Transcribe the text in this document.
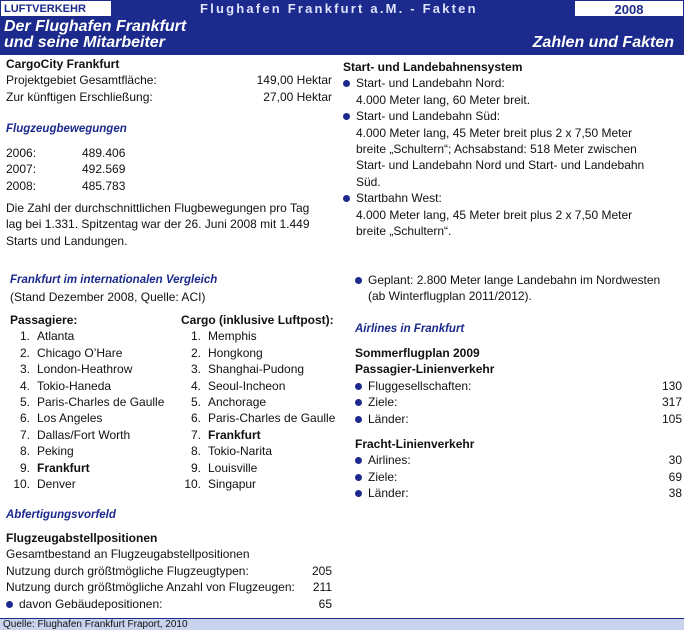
LUFTVERKEHR	Flughafen Frankfurt a.M. - Fakten	2008
Der Flughafen Frankfurt
und seine Mitarbeiter	Zahlen und Fakten
CargoCity Frankfurt
Projektgebiet Gesamtfläche:	149,00 Hektar
Zur künftigen Erschließung:	27,00 Hektar
Flugzeugbewegungen
2006:	489.406
2007:	492.569
2008:	485.783
Die Zahl der durchschnittlichen Flugbewegungen pro Tag lag bei 1.331. Spitzentag war der 26. Juni 2008 mit 1.449 Starts und Landungen.
Frankfurt im internationalen Vergleich
(Stand Dezember 2008, Quelle: ACI)
Passagiere:
1. Atlanta
2. Chicago O’Hare
3. London-Heathrow
4. Tokio-Haneda
5. Paris-Charles de Gaulle
6. Los Angeles
7. Dallas/Fort Worth
8. Peking
9. Frankfurt
10. Denver
Cargo (inklusive Luftpost):
1. Memphis
2. Hongkong
3. Shanghai-Pudong
4. Seoul-Incheon
5. Anchorage
6. Paris-Charles de Gaulle
7. Frankfurt
8. Tokio-Narita
9. Louisville
10. Singapur
Abfertigungsvorfeld
Flugzeugabstellpositionen
Gesamtbestand an Flugzeugabstellpositionen
Nutzung durch größtmögliche Flugzeugtypen:	205
Nutzung durch größtmögliche Anzahl von Flugzeugen: 211
davon Gebäudepositionen:	65
Start- und Landebahnensystem
Start- und Landebahn Nord:
4.000 Meter lang, 60 Meter breit.
Start- und Landebahn Süd:
4.000 Meter lang, 45 Meter breit plus 2 x 7,50 Meter breite „Schultern“; Achsabstand: 518 Meter zwischen Start- und Landebahn Nord und Start- und Landebahn Süd.
Startbahn West:
4.000 Meter lang, 45 Meter breit plus 2 x 7,50 Meter breite „Schultern“.
Geplant: 2.800 Meter lange Landebahn im Nordwesten (ab Winterflugplan 2011/2012).
Airlines in Frankfurt
Sommerflugplan 2009
Passagier-Linienverkehr
Fluggesellschaften:	130
Ziele:	317
Länder:	105
Fracht-Linienverkehr
Airlines:	30
Ziele:	69
Länder:	38
Quelle: Flughafen Frankfurt Fraport, 2010
